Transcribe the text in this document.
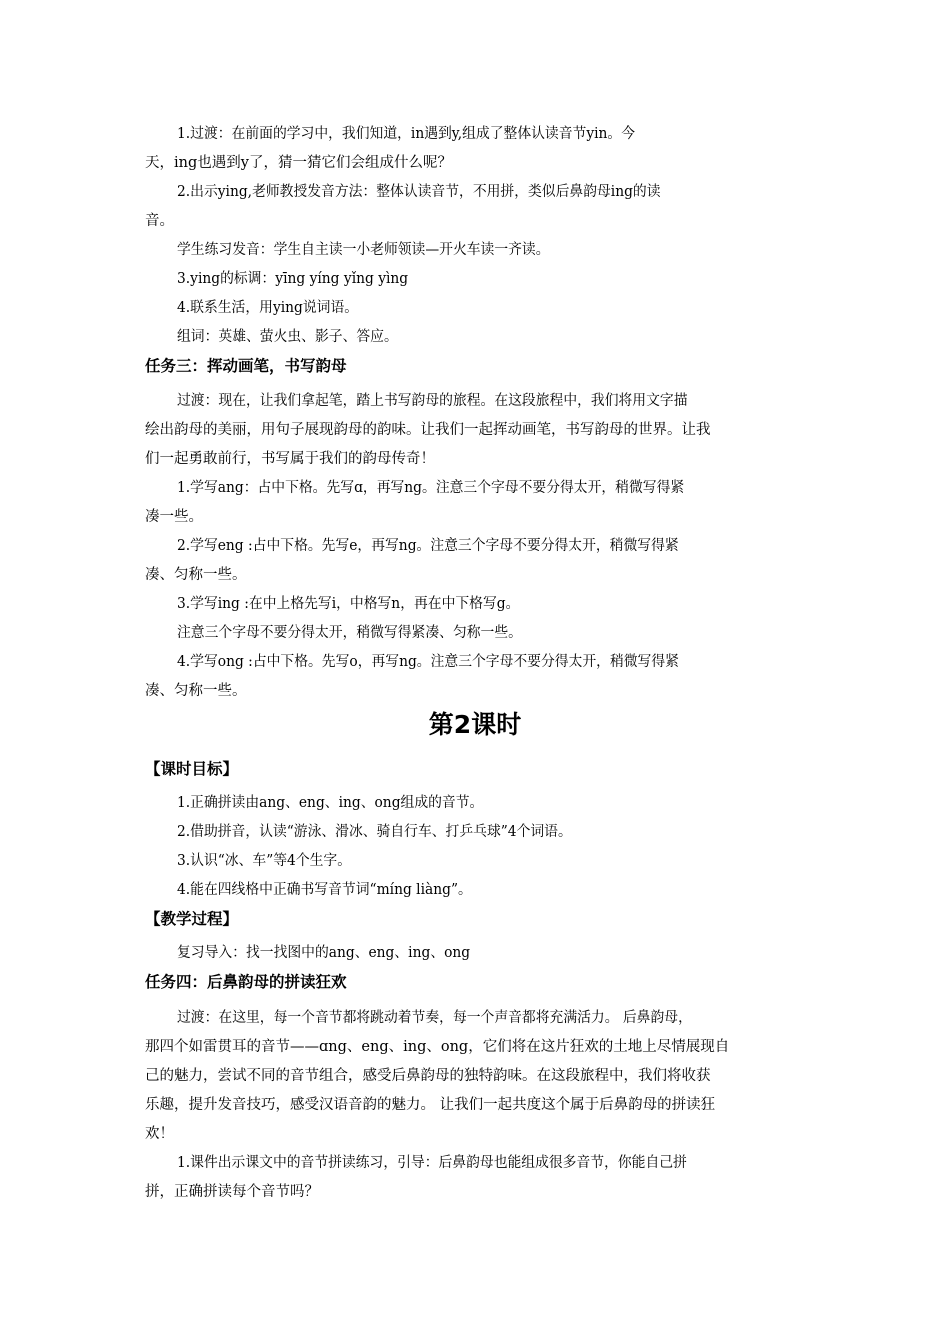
1.过渡：在前面的学习中，我们知道，in遇到y,组成了整体认读音节yin。今
天，ing也遇到y了，猜一猜它们会组成什么呢？
2.出示ying,老师教授发音方法：整体认读音节，不用拼，类似后鼻韵母ing的读
音。
学生练习发音：学生自主读一小老师领读—开火车读一齐读。
3.ying的标调：yīng yíng yǐng yìng
4.联系生活，用ying说词语。
组词：英雄、萤火虫、影子、答应。
任务三：挥动画笔，书写韵母
过渡：现在，让我们拿起笔，踏上书写韵母的旅程。在这段旅程中，我们将用文字描
绘出韵母的美丽，用句子展现韵母的韵味。让我们一起挥动画笔，书写韵母的世界。让我
们一起勇敢前行，书写属于我们的韵母传奇！
1.学写ang：占中下格。先写ɑ，再写ng。注意三个字母不要分得太开，稍微写得紧
凑一些。
2.学写eng :占中下格。先写e，再写ng。注意三个字母不要分得太开，稍微写得紧
凑、匀称一些。
3.学写ing :在中上格先写i，中格写n，再在中下格写g。
注意三个字母不要分得太开，稍微写得紧凑、匀称一些。
4.学写ong :占中下格。先写o，再写ng。注意三个字母不要分得太开，稍微写得紧
凑、匀称一些。
第2课时
【课时目标】
1.正确拼读由ang、eng、ing、ong组成的音节。
2.借助拼音，认读“游泳、滑冰、骑自行车、打乒乓球”4个词语。
3.认识“冰、车”等4个生字。
4.能在四线格中正确书写音节词“míng liàng”。
【教学过程】
复习导入：找一找图中的ang、eng、ing、ong
任务四：后鼻韵母的拼读狂欢
过渡：在这里，每一个音节都将跳动着节奏，每一个声音都将充满活力。 后鼻韵母，
那四个如雷贯耳的音节——ɑng、eng、ing、ong，它们将在这片狂欢的土地上尽情展现自
己的魅力，尝试不同的音节组合，感受后鼻韵母的独特韵味。在这段旅程中，我们将收获
乐趣，提升发音技巧，感受汉语音韵的魅力。 让我们一起共度这个属于后鼻韵母的拼读狂
欢！
1.课件出示课文中的音节拼读练习，引导：后鼻韵母也能组成很多音节，你能自己拼
拼，正确拼读每个音节吗？
